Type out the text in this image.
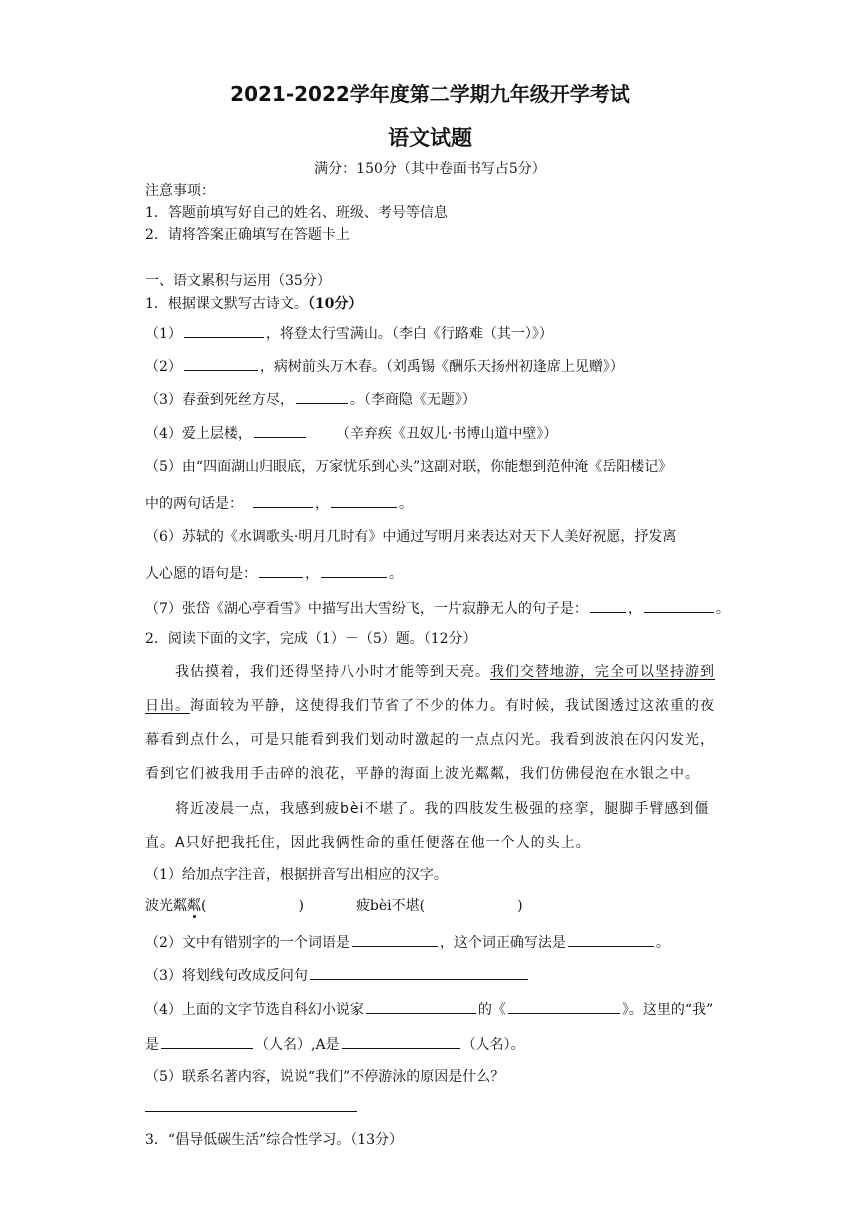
2021-2022学年度第二学期九年级开学考试
语文试题
满分：150分（其中卷面书写占5分）
注意事项：
1．答题前填写好自己的姓名、班级、考号等信息
2．请将答案正确填写在答题卡上
一、语文累积与运用（35分）
1．根据课文默写古诗文。（10分）
（1）	，将登太行雪满山。（李白《行路难（其一）》）
（2）	，病树前头万木春。（刘禹锡《酬乐天扬州初逢席上见赠》）
（3）春蚕到死丝方尽，	。（李商隐《无题》）
（4）爱上层楼，	（辛弃疾《丑奴儿·书博山道中壁》）
（5）由“四面湖山归眼底，万家忧乐到心头”这副对联，你能想到范仲淹《岳阳楼记》
中的两句话是：	，	。
（6）苏轼的《水调歌头·明月几时有》中通过写明月来表达对天下人美好祝愿，抒发离
人心愿的语句是：	，	。
（7）张岱《湖心亭看雪》中描写出大雪纷飞，一片寂静无人的句子是：	，	。
2．阅读下面的文字，完成（1）－（5）题。（12分）
我估摸着，我们还得坚持八小时才能等到天亮。我们交替地游，完全可以坚持游到
日出。海面较为平静，这使得我们节省了不少的体力。有时候，我试图透过这浓重的夜
幕看到点什么，可是只能看到我们划动时激起的一点点闪光。我看到波浪在闪闪发光，
看到它们被我用手击碎的浪花，平静的海面上波光粼粼，我们仿佛侵泡在水银之中。
将近凌晨一点，我感到疲bèi不堪了。我的四肢发生极强的痉挛，腿脚手臂感到僵
直。A只好把我托住，因此我俩性命的重任便落在他一个人的头上。
（1）给加点字注音，根据拼音写出相应的汉字。
波光粼粼(	)	疲bèi不堪(	)
（2）文中有错别字的一个词语是	，这个词正确写法是	。
（3）将划线句改成反问句
（4）上面的文字节选自科幻小说家	的《	》。这里的“我”
是	（人名）,A是	（人名）。
（5）联系名著内容，说说“我们”不停游泳的原因是什么？
3．“倡导低碳生活”综合性学习。（13分）
